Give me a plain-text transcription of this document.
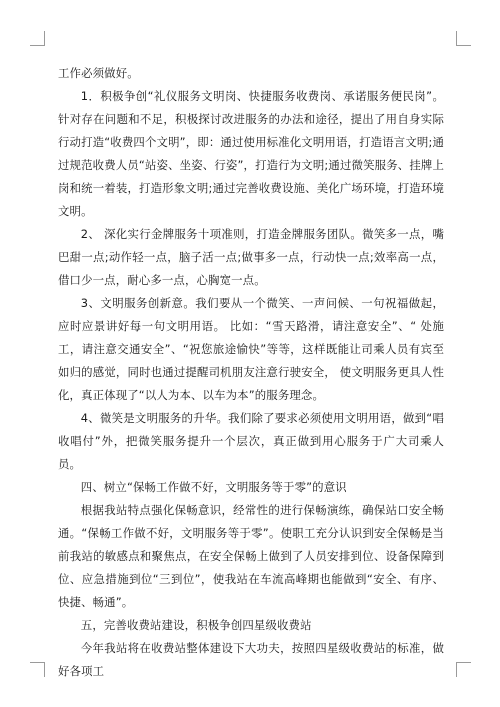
工作必须做好。

1．积极争创“礼仪服务文明岗、快捷服务收费岗、承诺服务便民岗”。针对存在问题和不足，积极探讨改进服务的办法和途径，提出了用自身实际行动打造“收费四个文明”，即：通过使用标准化文明用语，打造语言文明;通过规范收费人员“站姿、坐姿、行姿”，打造行为文明;通过微笑服务、挂牌上岗和统一着装，打造形象文明;通过完善收费设施、美化广场环境，打造环境文明。

2、 深化实行金牌服务十项准则，打造金牌服务团队。微笑多一点，嘴巴甜一点;动作轻一点，脑子活一点;做事多一点，行动快一点;效率高一点，借口少一点，耐心多一点，心胸宽一点。

3、文明服务创新意。我们要从一个微笑、一声问候、一句祝福做起，应时应景讲好每一句文明用语。 比如：“雪天路滑，请注意安全”、“ 处施工，请注意交通安全”、“祝您旅途愉快”等等，这样既能让司乘人员有宾至如归的感觉，同时也通过提醒司机朋友注意行驶安全， 使文明服务更具人性化，真正体现了“以人为本、以车为本”的服务理念。

4、微笑是文明服务的升华。我们除了要求必须使用文明用语，做到“唱收唱付”外，把微笑服务提升一个层次，真正做到用心服务于广大司乘人员。

四、树立“保畅工作做不好，文明服务等于零”的意识

根据我站特点强化保畅意识，经常性的进行保畅演练，确保站口安全畅通。“保畅工作做不好，文明服务等于零”。使职工充分认识到安全保畅是当前我站的敏感点和聚焦点，在安全保畅上做到了人员安排到位、设备保障到位、应急措施到位“三到位”，使我站在车流高峰期也能做到“安全、有序、快捷、畅通”。

五，完善收费站建设，积极争创四星级收费站

今年我站将在收费站整体建设下大功夫，按照四星级收费站的标准，做好各项工
